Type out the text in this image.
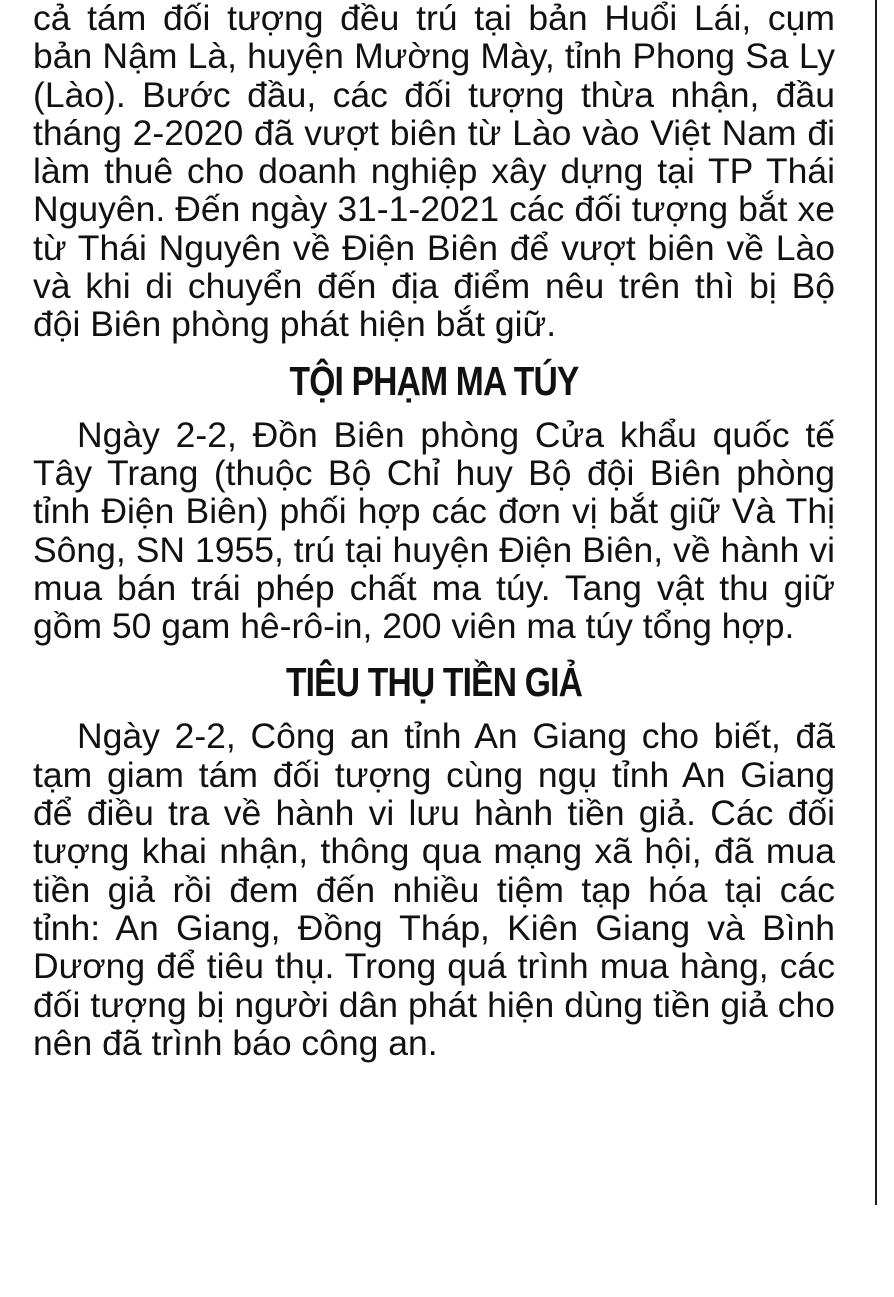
cả tám đối tượng đều trú tại bản Huổi Lái, cụm bản Nậm Là, huyện Mường Mày, tỉnh Phong Sa Ly (Lào). Bước đầu, các đối tượng thừa nhận, đầu tháng 2-2020 đã vượt biên từ Lào vào Việt Nam đi làm thuê cho doanh nghiệp xây dựng tại TP Thái Nguyên. Đến ngày 31-1-2021 các đối tượng bắt xe từ Thái Nguyên về Điện Biên để vượt biên về Lào và khi di chuyển đến địa điểm nêu trên thì bị Bộ đội Biên phòng phát hiện bắt giữ.

TỘI PHẠM MA TÚY

Ngày 2-2, Đồn Biên phòng Cửa khẩu quốc tế Tây Trang (thuộc Bộ Chỉ huy Bộ đội Biên phòng tỉnh Điện Biên) phối hợp các đơn vị bắt giữ Và Thị Sông, SN 1955, trú tại huyện Điện Biên, về hành vi mua bán trái phép chất ma túy. Tang vật thu giữ gồm 50 gam hê-rô-in, 200 viên ma túy tổng hợp.

TIÊU THỤ TIỀN GIẢ

Ngày 2-2, Công an tỉnh An Giang cho biết, đã tạm giam tám đối tượng cùng ngụ tỉnh An Giang để điều tra về hành vi lưu hành tiền giả. Các đối tượng khai nhận, thông qua mạng xã hội, đã mua tiền giả rồi đem đến nhiều tiệm tạp hóa tại các tỉnh: An Giang, Đồng Tháp, Kiên Giang và Bình Dương để tiêu thụ. Trong quá trình mua hàng, các đối tượng bị người dân phát hiện dùng tiền giả cho nên đã trình báo công an.
